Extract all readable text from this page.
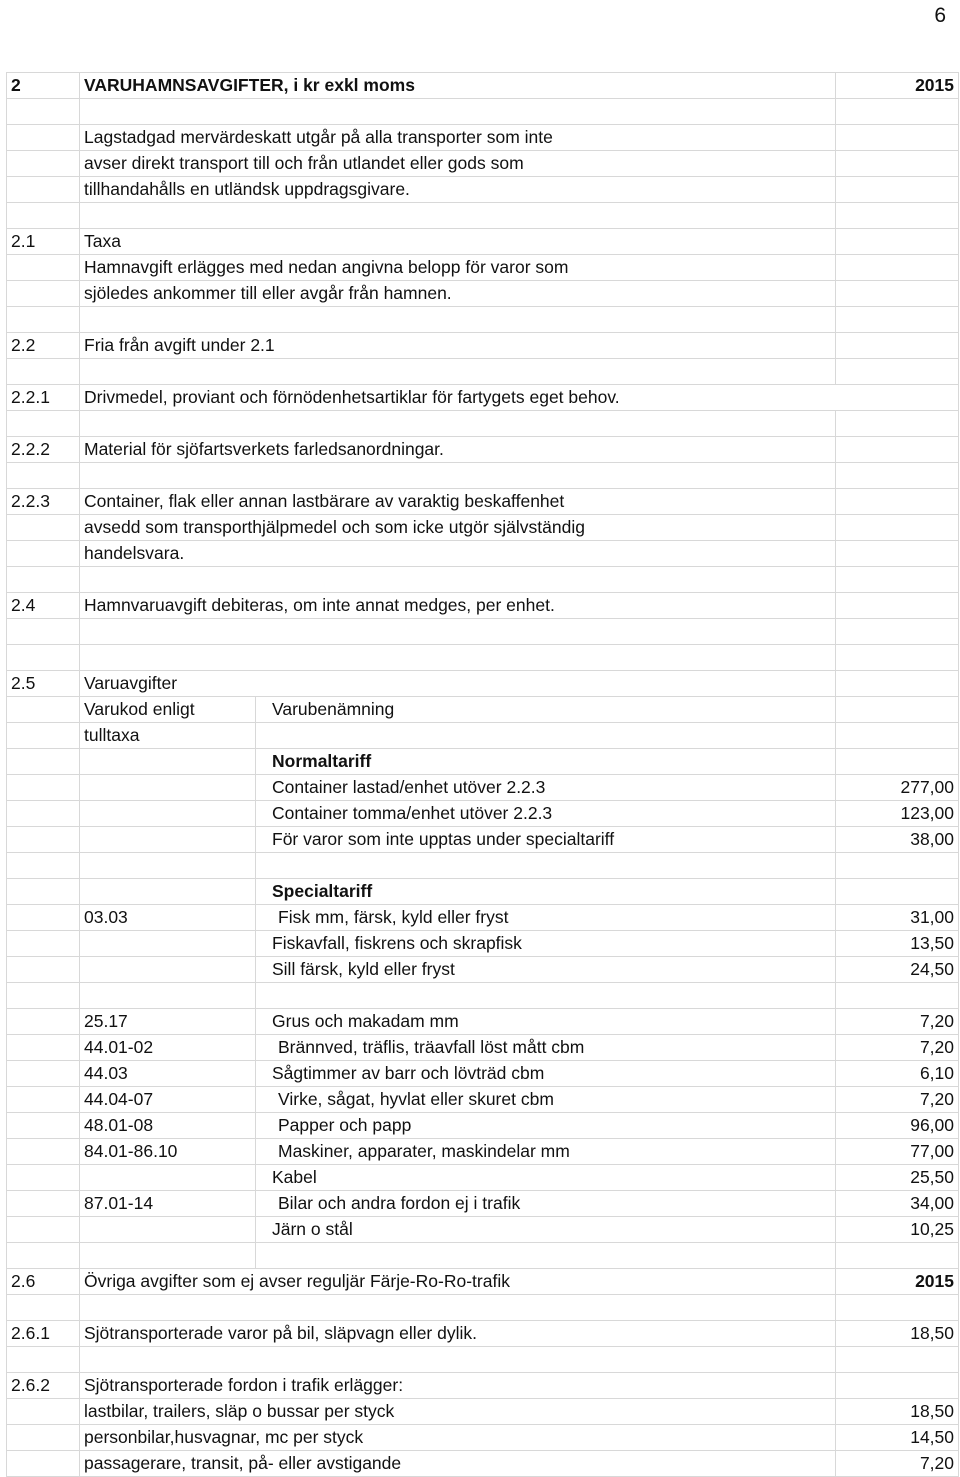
6
2	VARUHAMNSAVGIFTER, i kr exkl moms		2015

	Lagstadgad mervärdeskatt utgår på alla transporter som inte		
	avser direkt transport till och från utlandet eller gods som		
	tillhandahålls en utländsk uppdragsgivare.		

2.1	Taxa		
	Hamnavgift erlägges med nedan angivna belopp för varor som		
	sjöledes ankommer till eller avgår från hamnen.		

2.2	Fria från avgift under 2.1		

2.2.1	Drivmedel, proviant och förnödenhetsartiklar för fartygets eget behov.		

2.2.2	Material för sjöfartsverkets farledsanordningar.		

2.2.3	Container, flak eller annan lastbärare av varaktig beskaffenhet		
	avsedd som transporthjälpmedel och som icke utgör självständig		
	handelsvara.		

2.4	Hamnvaruavgift debiteras, om inte annat medges, per enhet.		

2.5	Varuavgifter		
	Varukod enligt	Varubenämning	
	tulltaxa		
		Normaltariff	
		Container lastad/enhet utöver 2.2.3	277,00
		Container tomma/enhet utöver 2.2.3	123,00
		För varor som inte upptas under specialtariff	38,00

		Specialtariff	
	03.03	Fisk mm, färsk, kyld eller fryst	31,00
		Fiskavfall, fiskrens och skrapfisk	13,50
		Sill färsk, kyld eller fryst	24,50

	25.17	Grus och makadam mm	7,20
	44.01-02	Brännved, träflis, träavfall löst mått cbm	7,20
	44.03	Sågtimmer av barr och lövträd cbm	6,10
	44.04-07	Virke, sågat, hyvlat eller skuret cbm	7,20
	48.01-08	Papper och papp	96,00
	84.01-86.10	Maskiner, apparater, maskindelar mm	77,00
		Kabel	25,50
	87.01-14	Bilar och andra fordon ej i trafik	34,00
		Järn o stål	10,25

2.6	Övriga avgifter som ej avser reguljär Färje-Ro-Ro-trafik		2015

2.6.1	Sjötransporterade varor på bil, släpvagn eller dylik.		18,50

2.6.2	Sjötransporterade fordon i trafik erlägger:		
	lastbilar, trailers, släp o bussar per styck		18,50
	personbilar,husvagnar, mc per styck		14,50
	passagerare, transit, på- eller avstigande		7,20
